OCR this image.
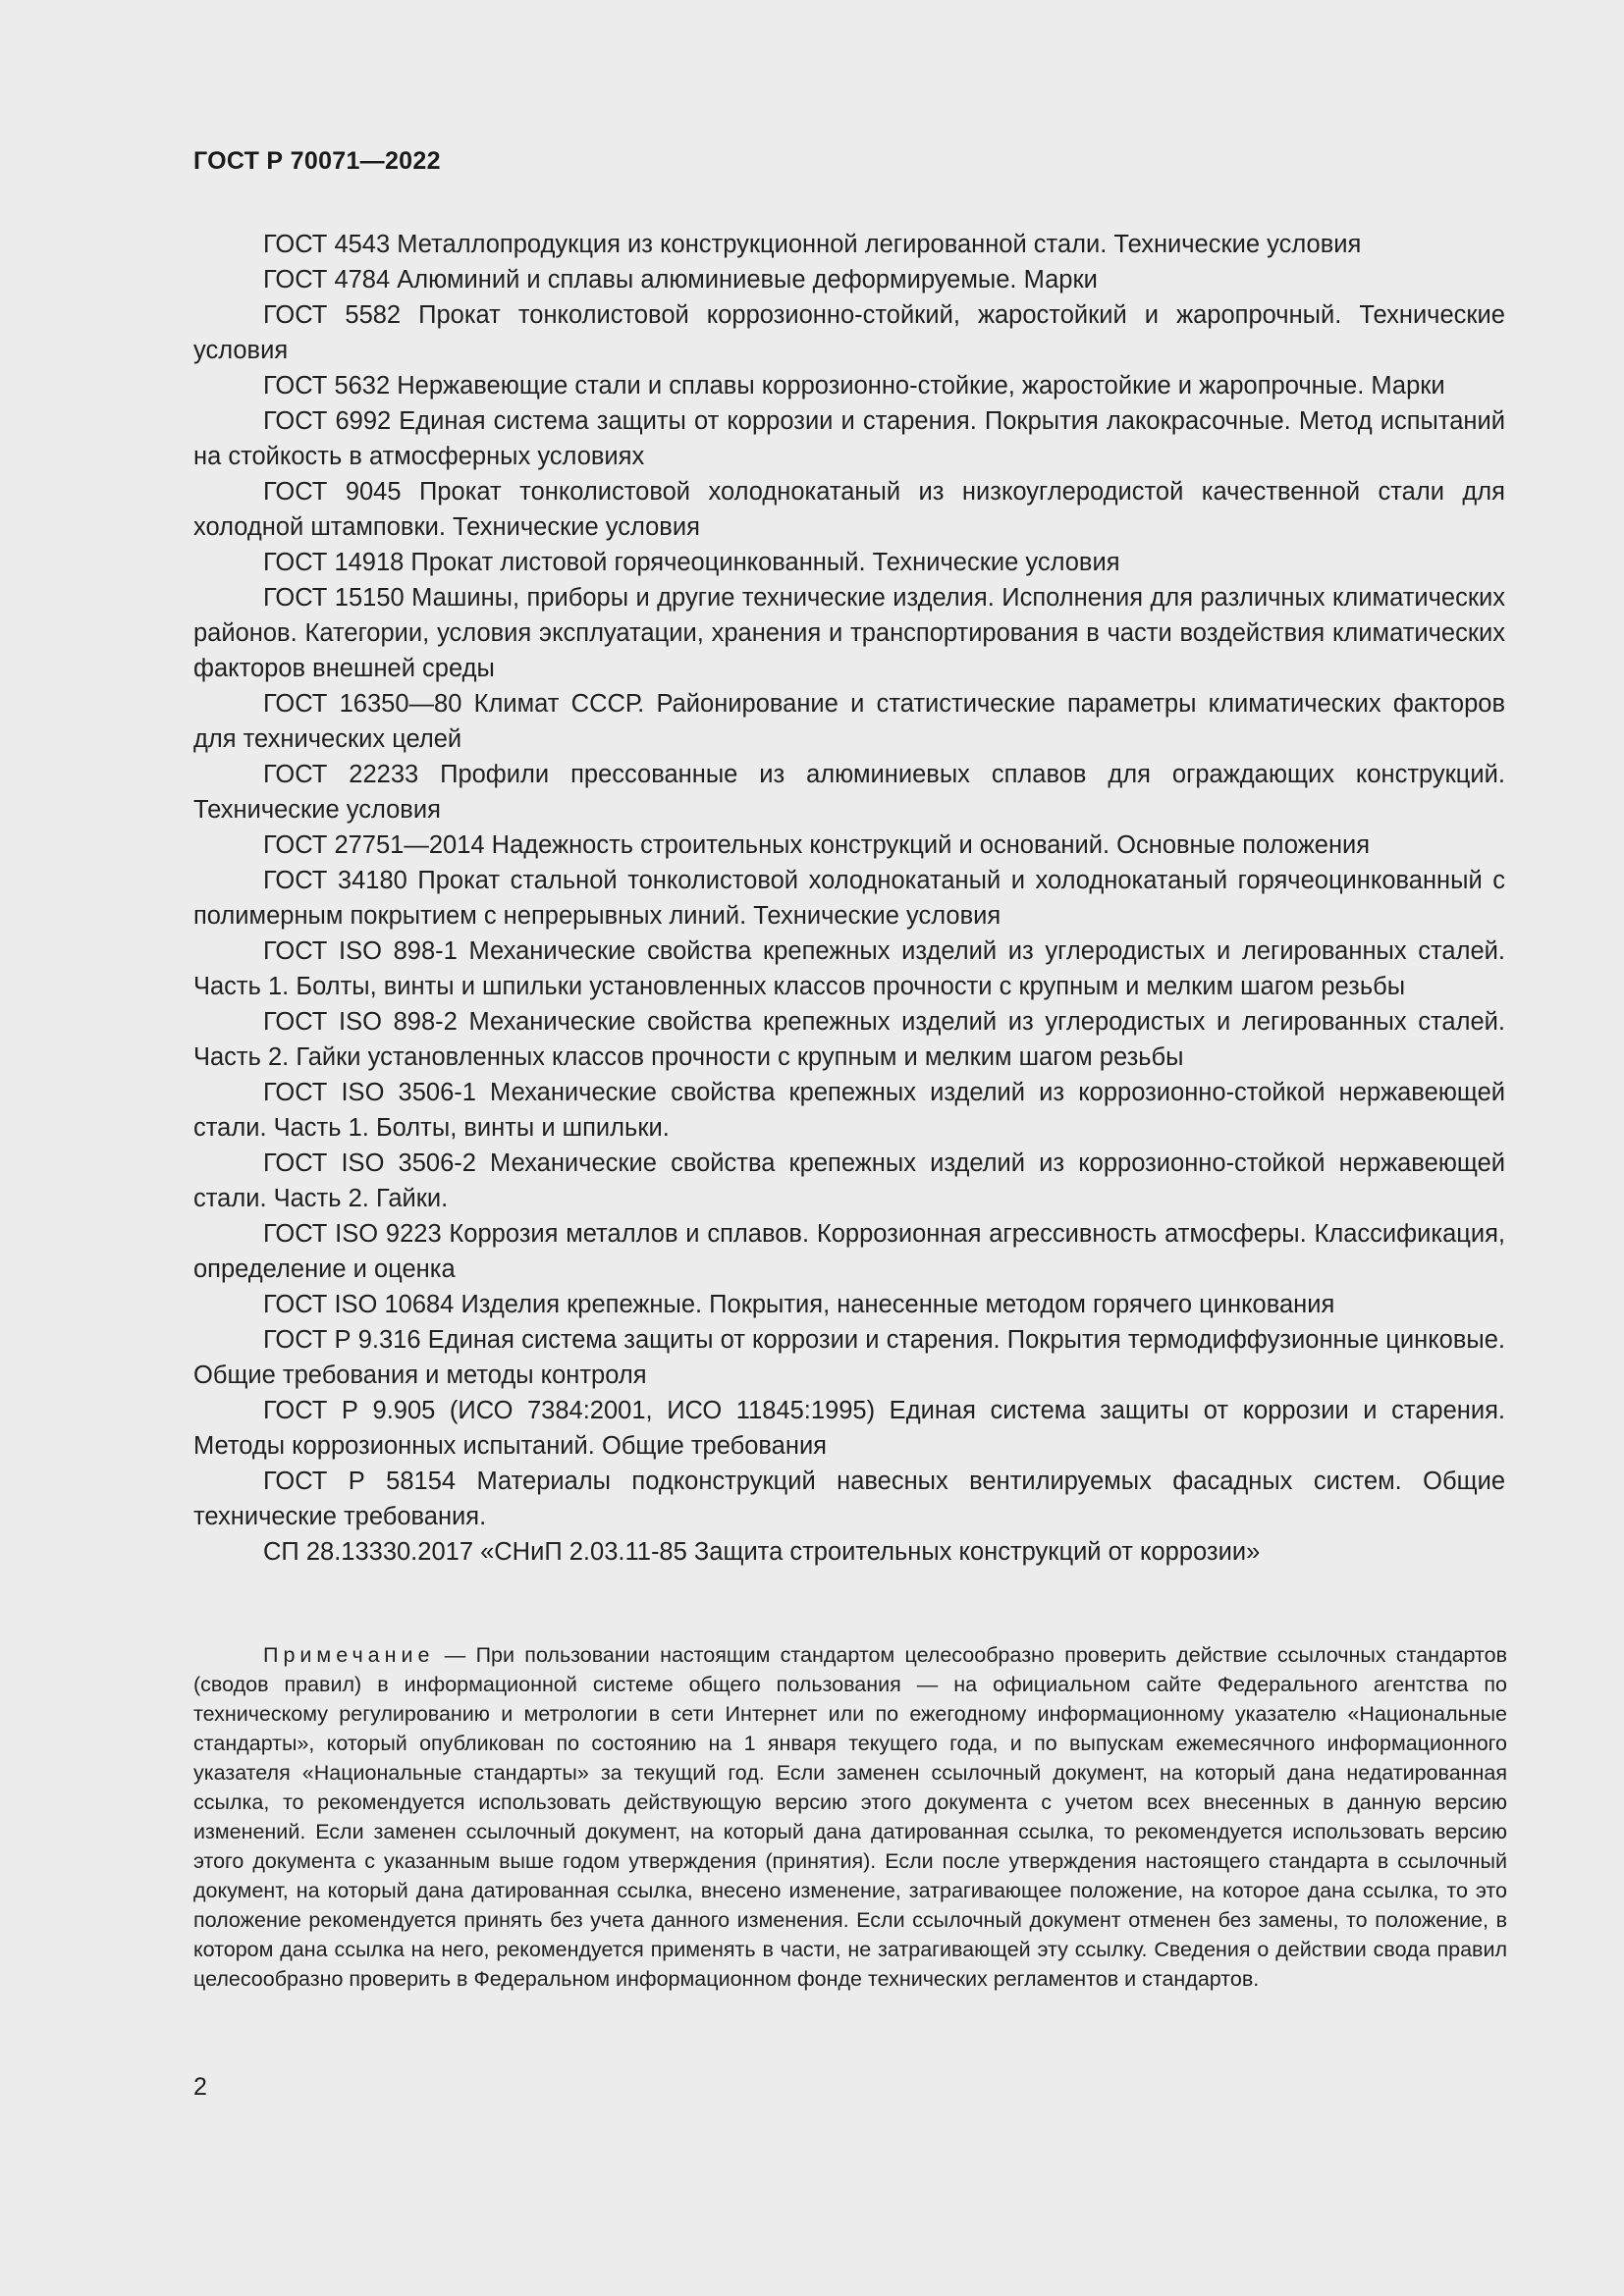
ГОСТ Р 70071—2022

ГОСТ 4543 Металлопродукция из конструкционной легированной стали. Технические условия

ГОСТ 4784 Алюминий и сплавы алюминиевые деформируемые. Марки

ГОСТ 5582 Прокат тонколистовой коррозионно-стойкий, жаростойкий и жаропрочный. Технические условия

ГОСТ 5632 Нержавеющие стали и сплавы коррозионно-стойкие, жаростойкие и жаропрочные. Марки

ГОСТ 6992 Единая система защиты от коррозии и старения. Покрытия лакокрасочные. Метод испытаний на стойкость в атмосферных условиях

ГОСТ 9045 Прокат тонколистовой холоднокатаный из низкоуглеродистой качественной стали для холодной штамповки. Технические условия

ГОСТ 14918 Прокат листовой горячеоцинкованный. Технические условия

ГОСТ 15150 Машины, приборы и другие технические изделия. Исполнения для различных климатических районов. Категории, условия эксплуатации, хранения и транспортирования в части воздействия климатических факторов внешней среды

ГОСТ 16350—80 Климат СССР. Районирование и статистические параметры климатических факторов для технических целей

ГОСТ 22233 Профили прессованные из алюминиевых сплавов для ограждающих конструкций. Технические условия

ГОСТ 27751—2014 Надежность строительных конструкций и оснований. Основные положения

ГОСТ 34180 Прокат стальной тонколистовой холоднокатаный и холоднокатаный горячеоцинкованный с полимерным покрытием с непрерывных линий. Технические условия

ГОСТ ISO 898-1 Механические свойства крепежных изделий из углеродистых и легированных сталей. Часть 1. Болты, винты и шпильки установленных классов прочности с крупным и мелким шагом резьбы

ГОСТ ISO 898-2 Механические свойства крепежных изделий из углеродистых и легированных сталей. Часть 2. Гайки установленных классов прочности с крупным и мелким шагом резьбы

ГОСТ ISO 3506-1 Механические свойства крепежных изделий из коррозионно-стойкой нержавеющей стали. Часть 1. Болты, винты и шпильки.

ГОСТ ISO 3506-2 Механические свойства крепежных изделий из коррозионно-стойкой нержавеющей стали. Часть 2. Гайки.

ГОСТ ISO 9223 Коррозия металлов и сплавов. Коррозионная агрессивность атмосферы. Классификация, определение и оценка

ГОСТ ISO 10684 Изделия крепежные. Покрытия, нанесенные методом горячего цинкования

ГОСТ Р 9.316 Единая система защиты от коррозии и старения. Покрытия термодиффузионные цинковые. Общие требования и методы контроля

ГОСТ Р 9.905 (ИСО 7384:2001, ИСО 11845:1995) Единая система защиты от коррозии и старения. Методы коррозионных испытаний. Общие требования

ГОСТ Р 58154 Материалы подконструкций навесных вентилируемых фасадных систем. Общие технические требования.

СП 28.13330.2017 «СНиП 2.03.11-85 Защита строительных конструкций от коррозии»

Примечание — При пользовании настоящим стандартом целесообразно проверить действие ссылочных стандартов (сводов правил) в информационной системе общего пользования — на официальном сайте Федерального агентства по техническому регулированию и метрологии в сети Интернет или по ежегодному информационному указателю «Национальные стандарты», который опубликован по состоянию на 1 января текущего года, и по выпускам ежемесячного информационного указателя «Национальные стандарты» за текущий год. Если заменен ссылочный документ, на который дана недатированная ссылка, то рекомендуется использовать действующую версию этого документа с учетом всех внесенных в данную версию изменений. Если заменен ссылочный документ, на который дана датированная ссылка, то рекомендуется использовать версию этого документа с указанным выше годом утверждения (принятия). Если после утверждения настоящего стандарта в ссылочный документ, на который дана датированная ссылка, внесено изменение, затрагивающее положение, на которое дана ссылка, то это положение рекомендуется принять без учета данного изменения. Если ссылочный документ отменен без замены, то положение, в котором дана ссылка на него, рекомендуется применять в части, не затрагивающей эту ссылку. Сведения о действии свода правил целесообразно проверить в Федеральном информационном фонде технических регламентов и стандартов.
2
